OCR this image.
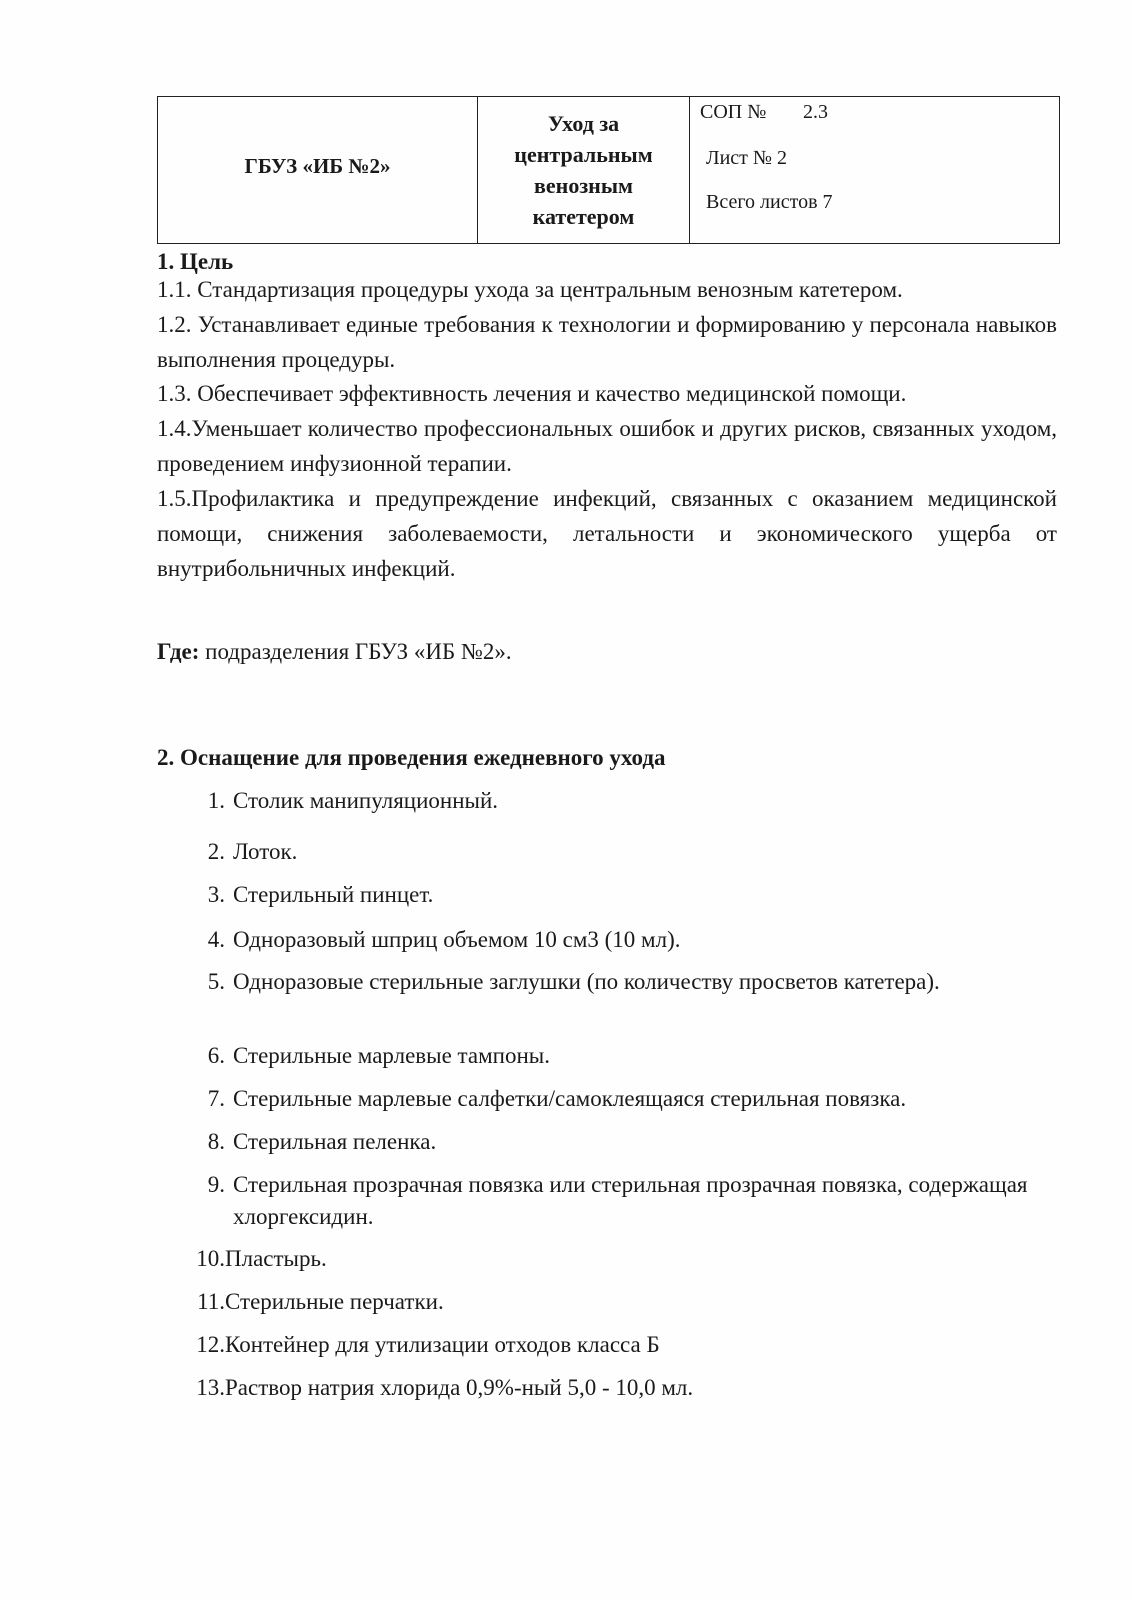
ГБУЗ «ИБ №2»
Уход за
центральным
венозным
катетером
СОП № 2.3
Лист № 2
Всего листов 7
1. Цель
1.1. Стандартизация процедуры ухода за центральным венозным катетером.
1.2. Устанавливает единые требования к технологии и формированию у персонала навыков выполнения процедуры.
1.3. Обеспечивает эффективность лечения и качество медицинской помощи.
1.4.Уменьшает количество профессиональных ошибок и других рисков, связанных уходом, проведением инфузионной терапии.
1.5.Профилактика и предупреждение инфекций, связанных с оказанием медицинской помощи, снижения заболеваемости, летальности и экономического ущерба от внутрибольничных инфекций.
Где: подразделения ГБУЗ «ИБ №2».
2. Оснащение для проведения ежедневного ухода
1. Столик манипуляционный.
2. Лоток.
3. Стерильный пинцет.
4. Одноразовый шприц объемом 10 см3 (10 мл).
5. Одноразовые стерильные заглушки (по количеству просветов катетера).
6. Стерильные марлевые тампоны.
7. Стерильные марлевые салфетки/самоклеящаяся стерильная повязка.
8. Стерильная пеленка.
9. Стерильная прозрачная повязка или стерильная прозрачная повязка, содержащая хлоргексидин.
10. Пластырь.
11. Стерильные перчатки.
12. Контейнер для утилизации отходов класса Б
13. Раствор натрия хлорида 0,9%-ный 5,0 - 10,0 мл.
